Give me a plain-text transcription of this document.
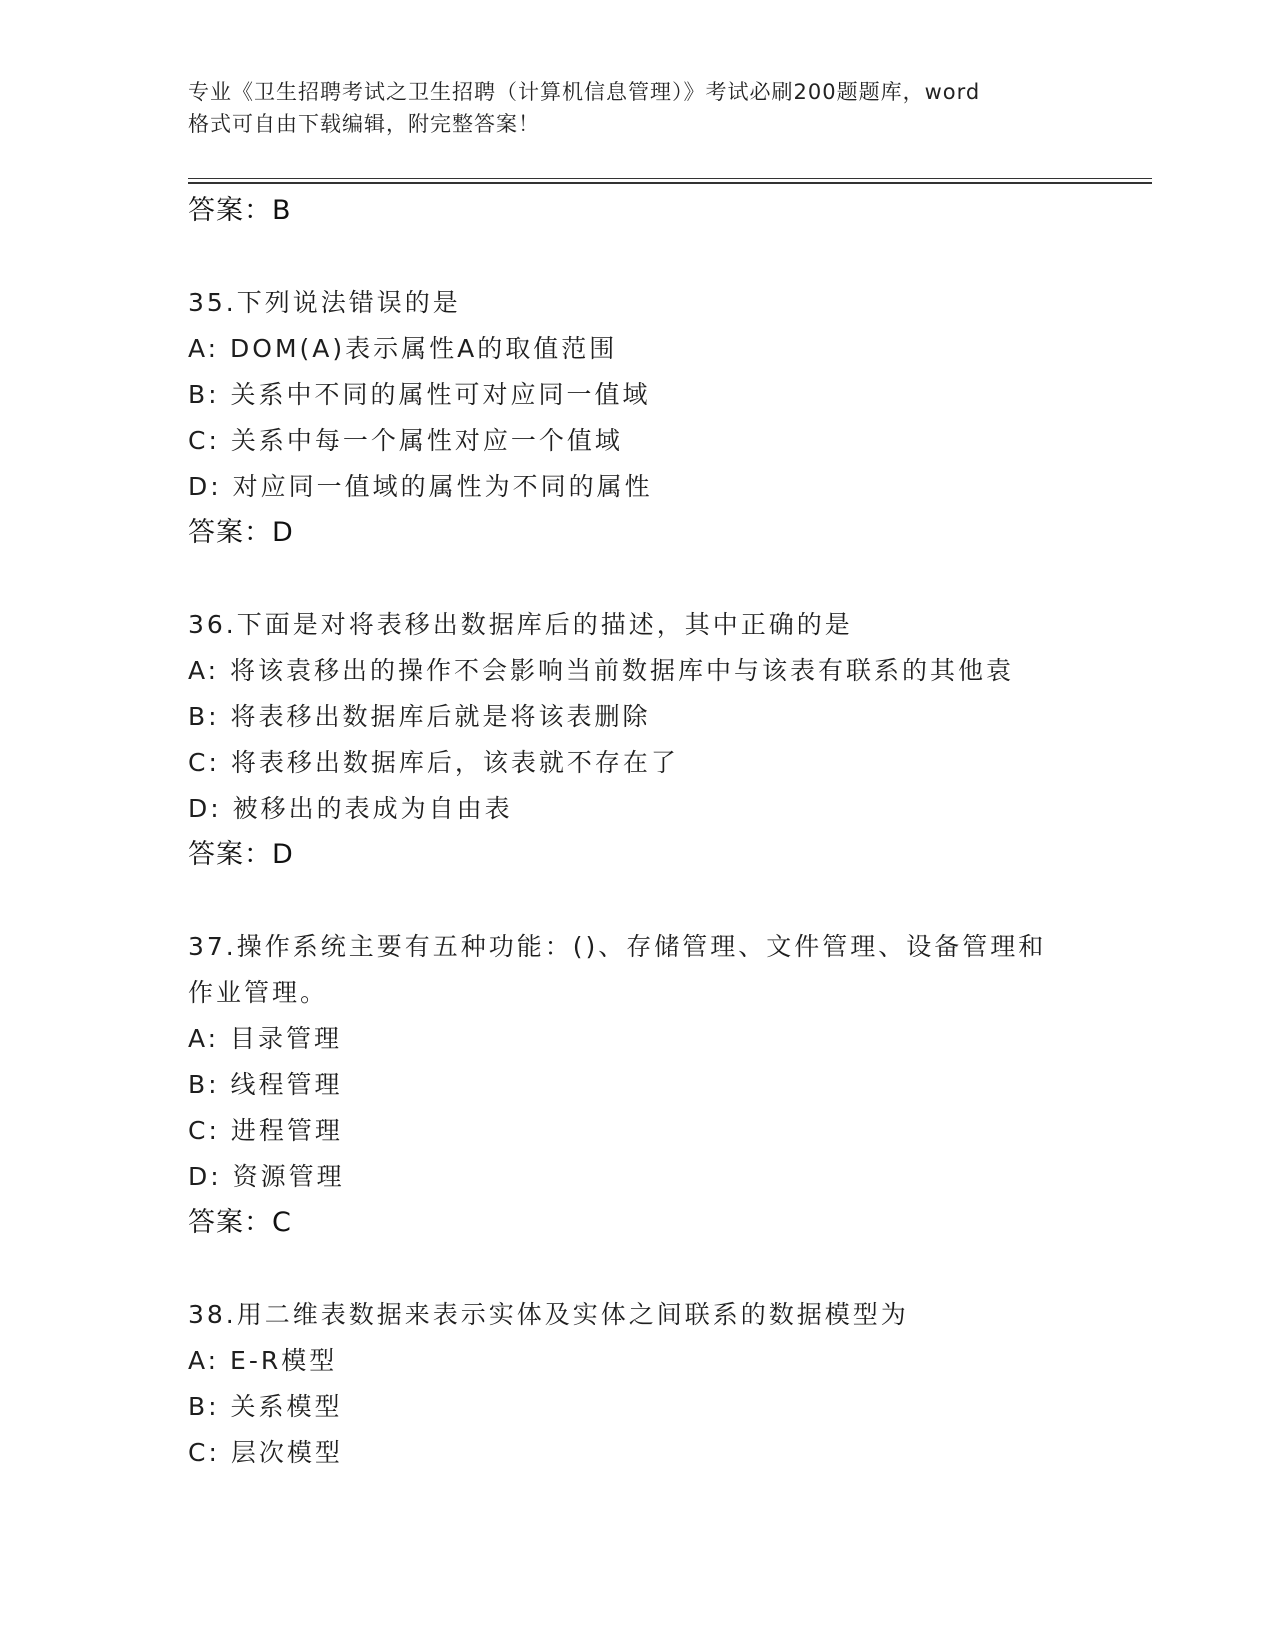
专业《卫生招聘考试之卫生招聘（计算机信息管理）》考试必刷200题题库，word
格式可自由下载编辑，附完整答案！
答案：B
35.下列说法错误的是
A: DOM(A)表示属性A的取值范围
B: 关系中不同的属性可对应同一值域
C: 关系中每一个属性对应一个值域
D: 对应同一值域的属性为不同的属性
答案：D
36.下面是对将表移出数据库后的描述，其中正确的是
A: 将该袁移出的操作不会影响当前数据库中与该表有联系的其他袁
B: 将表移出数据库后就是将该表删除
C: 将表移出数据库后，该表就不存在了
D: 被移出的表成为自由表
答案：D
37.操作系统主要有五种功能：()、存储管理、文件管理、设备管理和
作业管理。
A: 目录管理
B: 线程管理
C: 进程管理
D: 资源管理
答案：C
38.用二维表数据来表示实体及实体之间联系的数据模型为
A: E-R模型
B: 关系模型
C: 层次模型
